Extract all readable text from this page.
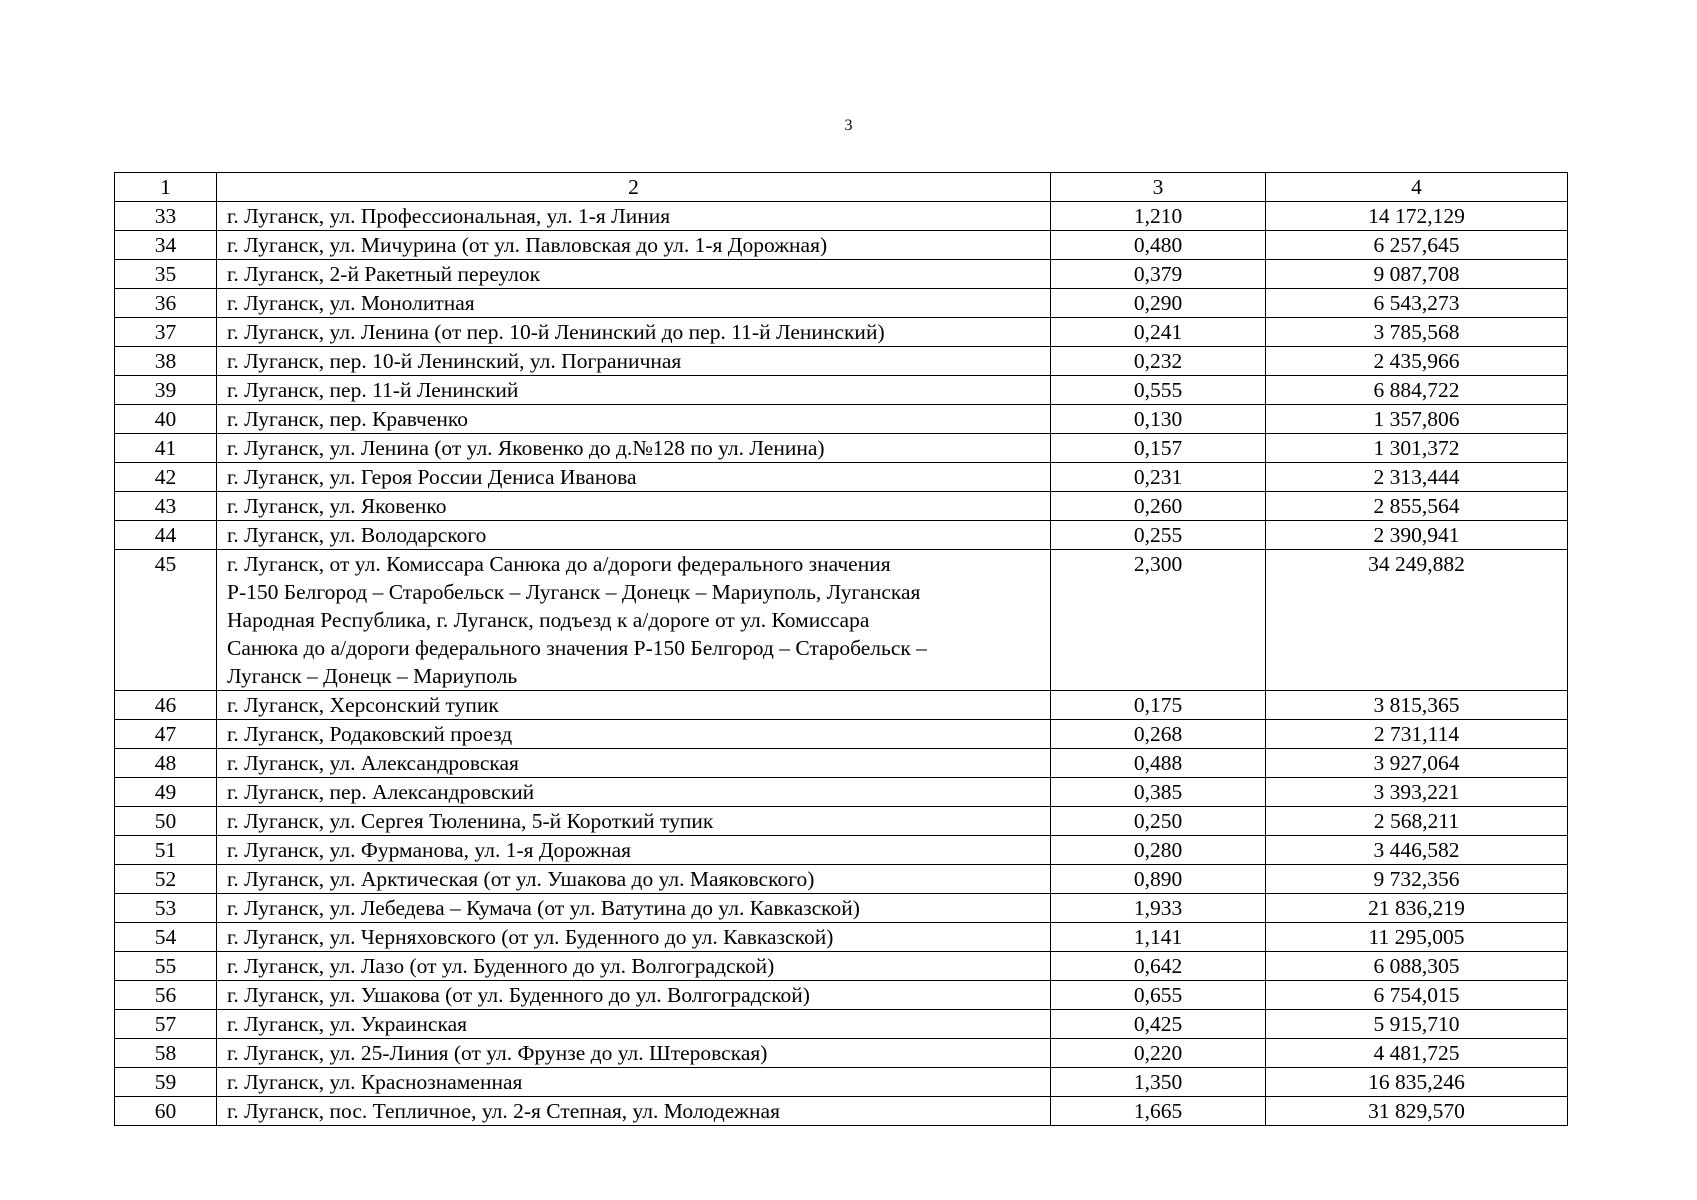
3
1	2	3	4
33	г. Луганск, ул. Профессиональная, ул. 1-я Линия	1,210	14 172,129
34	г. Луганск, ул. Мичурина (от ул. Павловская до ул. 1-я Дорожная)	0,480	6 257,645
35	г. Луганск, 2-й Ракетный переулок	0,379	9 087,708
36	г. Луганск, ул. Монолитная	0,290	6 543,273
37	г. Луганск, ул. Ленина (от пер. 10-й Ленинский до пер. 11-й Ленинский)	0,241	3 785,568
38	г. Луганск, пер. 10-й Ленинский, ул. Пограничная	0,232	2 435,966
39	г. Луганск, пер. 11-й Ленинский	0,555	6 884,722
40	г. Луганск, пер. Кравченко	0,130	1 357,806
41	г. Луганск, ул. Ленина (от ул. Яковенко до д.№128 по ул. Ленина)	0,157	1 301,372
42	г. Луганск, ул. Героя России Дениса Иванова	0,231	2 313,444
43	г. Луганск, ул. Яковенко	0,260	2 855,564
44	г. Луганск, ул. Володарского	0,255	2 390,941
45	г. Луганск, от ул. Комиссара Санюка до а/дороги федерального значения
Р-150 Белгород – Старобельск – Луганск – Донецк – Мариуполь, Луганская
Народная Республика, г. Луганск, подъезд к а/дороге от ул. Комиссара
Санюка до а/дороги федерального значения Р-150 Белгород – Старобельск –
Луганск – Донецк – Мариуполь	2,300	34 249,882
46	г. Луганск, Херсонский тупик	0,175	3 815,365
47	г. Луганск, Родаковский проезд	0,268	2 731,114
48	г. Луганск, ул. Александровская	0,488	3 927,064
49	г. Луганск, пер. Александровский	0,385	3 393,221
50	г. Луганск, ул. Сергея Тюленина, 5-й Короткий тупик	0,250	2 568,211
51	г. Луганск, ул. Фурманова, ул. 1-я Дорожная	0,280	3 446,582
52	г. Луганск, ул. Арктическая (от ул. Ушакова до ул. Маяковского)	0,890	9 732,356
53	г. Луганск, ул. Лебедева – Кумача (от ул. Ватутина до ул. Кавказской)	1,933	21 836,219
54	г. Луганск, ул. Черняховского (от ул. Буденного до ул. Кавказской)	1,141	11 295,005
55	г. Луганск, ул. Лазо (от ул. Буденного до ул. Волгоградской)	0,642	6 088,305
56	г. Луганск, ул. Ушакова (от ул. Буденного до ул. Волгоградской)	0,655	6 754,015
57	г. Луганск, ул. Украинская	0,425	5 915,710
58	г. Луганск, ул. 25-Линия (от ул. Фрунзе до ул. Штеровская)	0,220	4 481,725
59	г. Луганск, ул. Краснознаменная	1,350	16 835,246
60	г. Луганск, пос. Тепличное, ул. 2-я Степная, ул. Молодежная	1,665	31 829,570
